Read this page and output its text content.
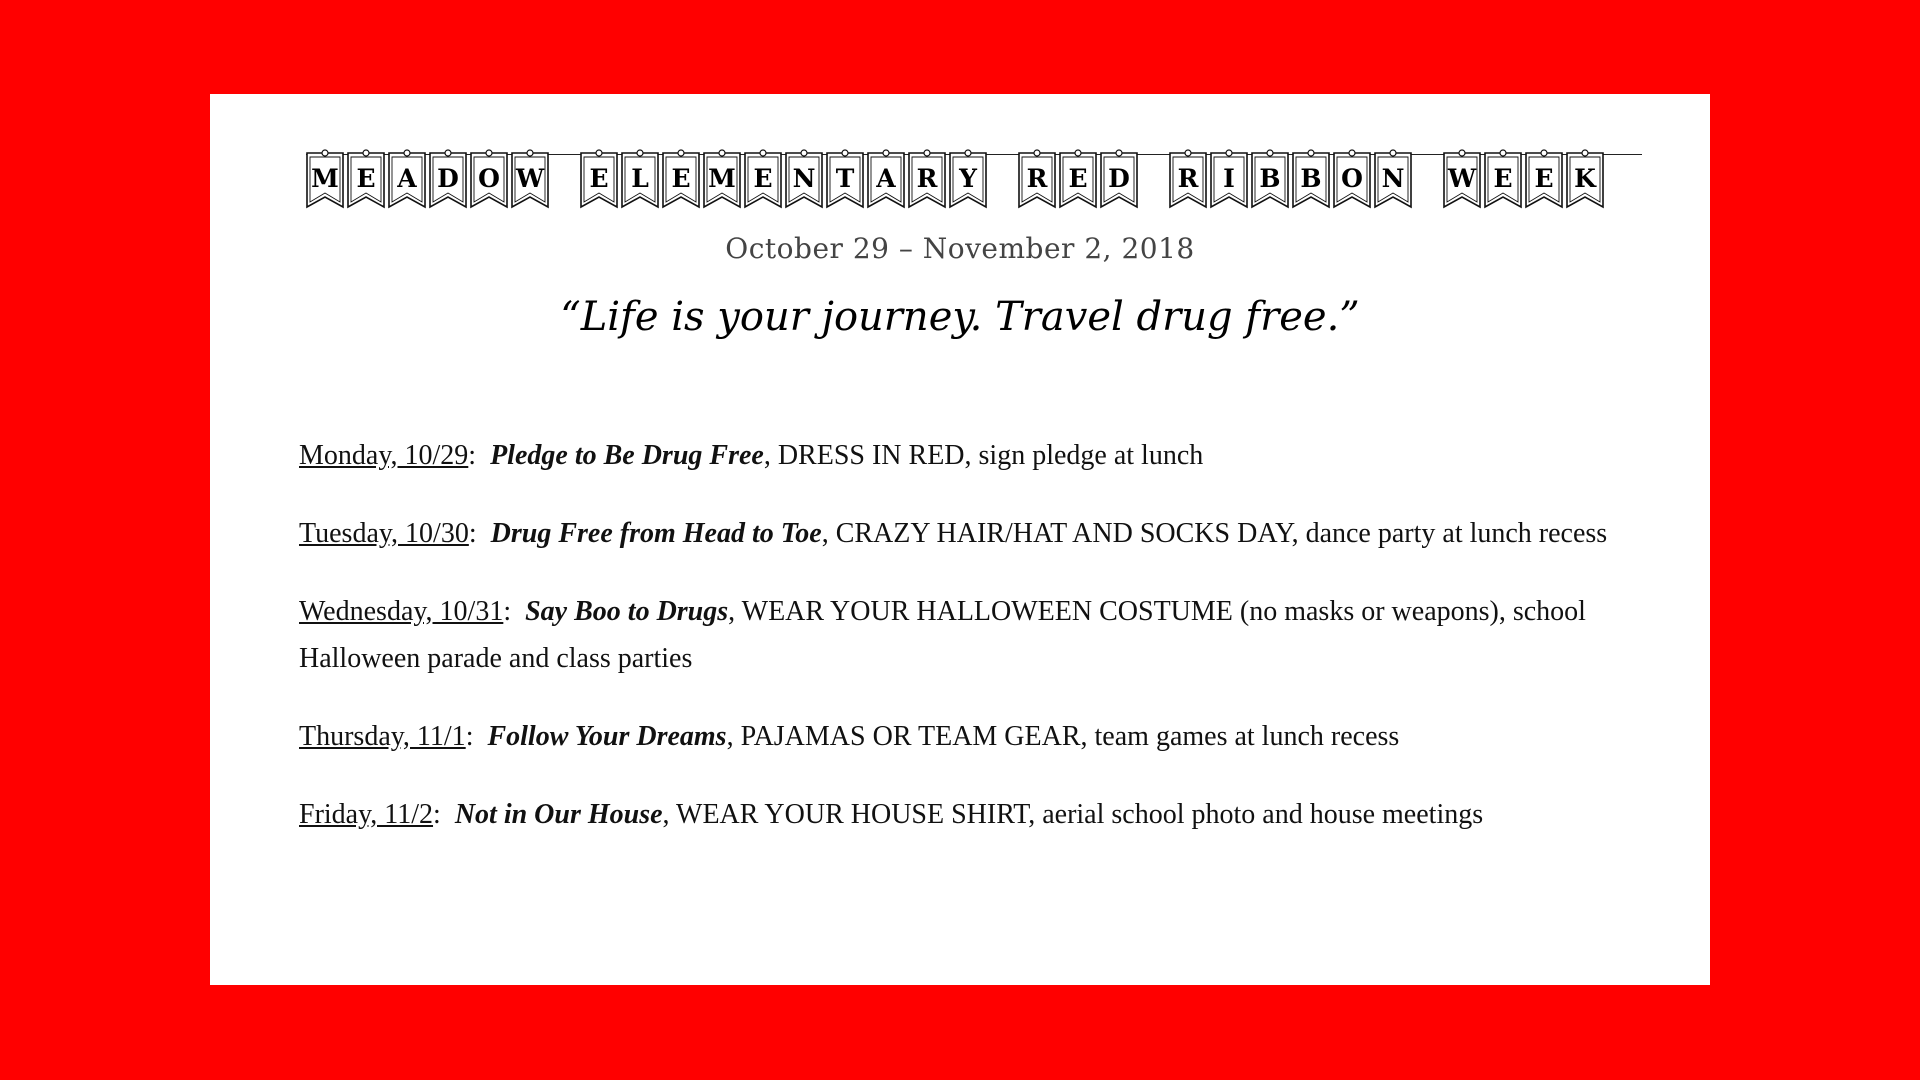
M E A D O W	E L E M E N T A R Y	R E D	R I B B O N	W E E K
October 29 – November 2, 2018
“Life is your journey. Travel drug free.”

Monday, 10/29:  Pledge to Be Drug Free, DRESS IN RED, sign pledge at lunch

Tuesday, 10/30:  Drug Free from Head to Toe, CRAZY HAIR/HAT AND SOCKS DAY, dance party at lunch recess

Wednesday, 10/31:  Say Boo to Drugs, WEAR YOUR HALLOWEEN COSTUME (no masks or weapons), school Halloween parade and class parties

Thursday, 11/1:  Follow Your Dreams, PAJAMAS OR TEAM GEAR, team games at lunch recess

Friday, 11/2:  Not in Our House, WEAR YOUR HOUSE SHIRT, aerial school photo and house meetings
